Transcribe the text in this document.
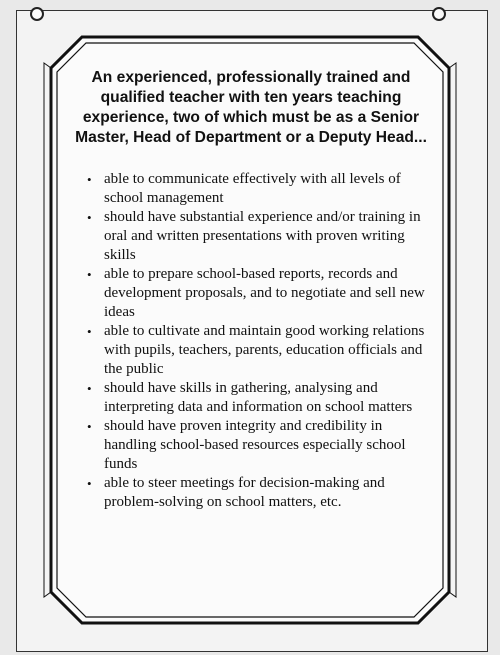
An experienced, professionally trained and qualified teacher with ten years teaching experience, two of which must be as a Senior Master, Head of Department or a Deputy Head...

• able to communicate effectively with all levels of school management
• should have substantial experience and/or training in oral and written presentations with proven writing skills
• able to prepare school-based reports, records and development proposals, and to negotiate and sell new ideas
• able to cultivate and maintain good working relations with pupils, teachers, parents, education officials and the public
• should have skills in gathering, analysing and interpreting data and information on school matters
• should have proven integrity and credibility in handling school-based resources especially school funds
• able to steer meetings for decision-making and problem-solving on school matters, etc.
